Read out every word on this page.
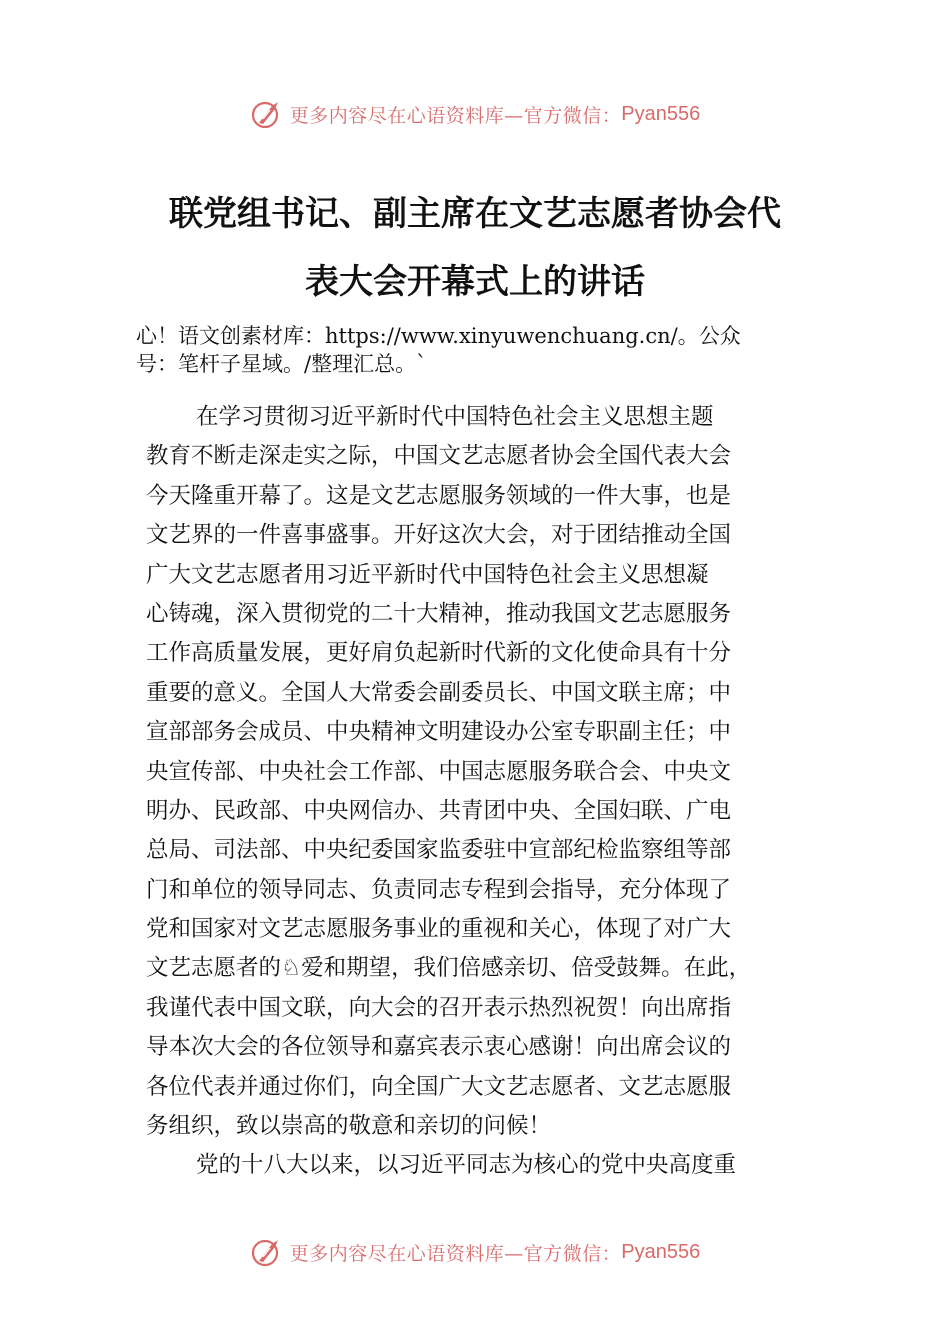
更多内容尽在心语资料库—官方微信： Pyan556
联党组书记、副主席在文艺志愿者协会代
表大会开幕式上的讲话
心！语文创素材库：https://www.xinyuwenchuang.cn/。公众
号：笔杆子星域。/整理汇总。`
在学习贯彻习近平新时代中国特色社会主义思想主题
教育不断走深走实之际，中国文艺志愿者协会全国代表大会
今天隆重开幕了。这是文艺志愿服务领域的一件大事，也是
文艺界的一件喜事盛事。开好这次大会，对于团结推动全国
广大文艺志愿者用习近平新时代中国特色社会主义思想凝
心铸魂，深入贯彻党的二十大精神，推动我国文艺志愿服务
工作高质量发展，更好肩负起新时代新的文化使命具有十分
重要的意义。全国人大常委会副委员长、中国文联主席；中
宣部部务会成员、中央精神文明建设办公室专职副主任；中
央宣传部、中央社会工作部、中国志愿服务联合会、中央文
明办、民政部、中央网信办、共青团中央、全国妇联、广电
总局、司法部、中央纪委国家监委驻中宣部纪检监察组等部
门和单位的领导同志、负责同志专程到会指导，充分体现了
党和国家对文艺志愿服务事业的重视和关心，体现了对广大
文艺志愿者的♘爱和期望，我们倍感亲切、倍受鼓舞。在此，
我谨代表中国文联，向大会的召开表示热烈祝贺！向出席指
导本次大会的各位领导和嘉宾表示衷心感谢！向出席会议的
各位代表并通过你们，向全国广大文艺志愿者、文艺志愿服
务组织，致以崇高的敬意和亲切的问候！
党的十八大以来，以习近平同志为核心的党中央高度重
更多内容尽在心语资料库—官方微信： Pyan556
